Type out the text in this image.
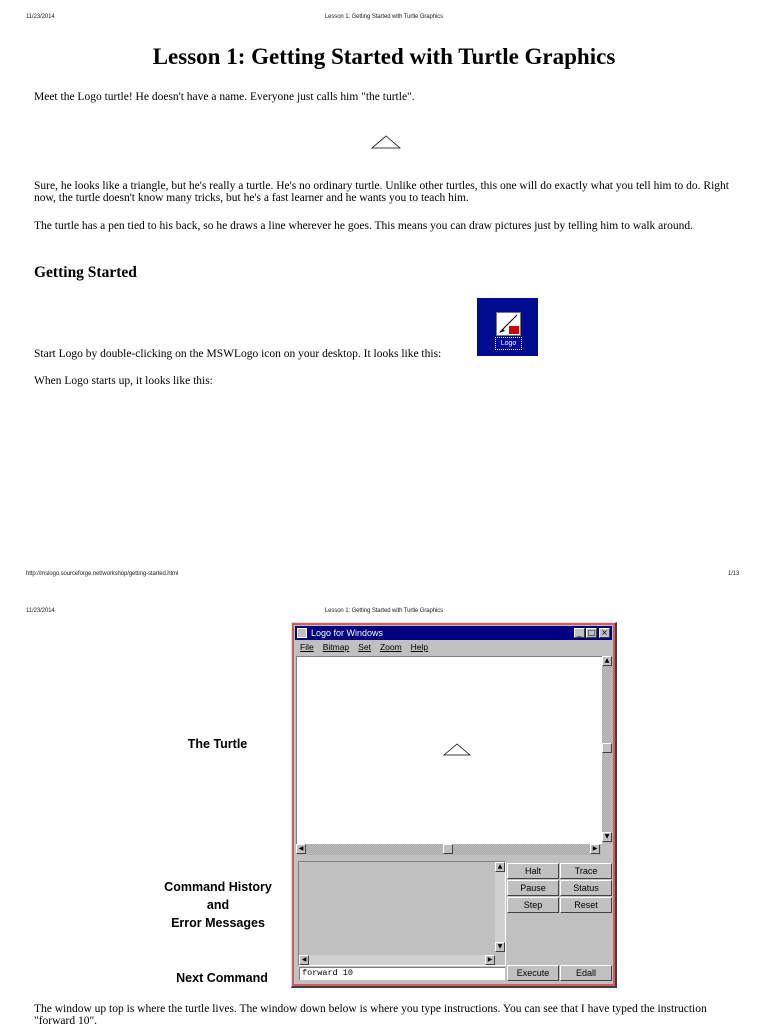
11/23/2014	Lesson 1: Getting Started with Turtle Graphics
Lesson 1: Getting Started with Turtle Graphics

Meet the Logo turtle! He doesn't have a name. Everyone just calls him "the turtle".

Sure, he looks like a triangle, but he's really a turtle. He's no ordinary turtle. Unlike other turtles, this one will do exactly what you tell him to do. Right now, the turtle doesn't know many tricks, but he's a fast learner and he wants you to teach him.

The turtle has a pen tied to his back, so he draws a line wherever he goes. This means you can draw pictures just by telling him to walk around.

Getting Started

Start Logo by double-clicking on the MSWLogo icon on your desktop. It looks like this:

Logo

When Logo starts up, it looks like this:

http://mslogo.sourceforge.net/workshop/getting-started.html	1/13
11/23/2014	Lesson 1: Getting Started with Turtle Graphics
Logo for Windows	_ □ ×
File Bitmap Set Zoom Help
▲
▼
◀	▶
▲
▼
◀	▶
Halt	Trace
Pause	Status
Step	Reset
forward 10	Execute	Edall
The Turtle
Command History
and
Error Messages
Next Command

The window up top is where the turtle lives. The window down below is where you type instructions. You can see that I have typed the instruction "forward 10".
